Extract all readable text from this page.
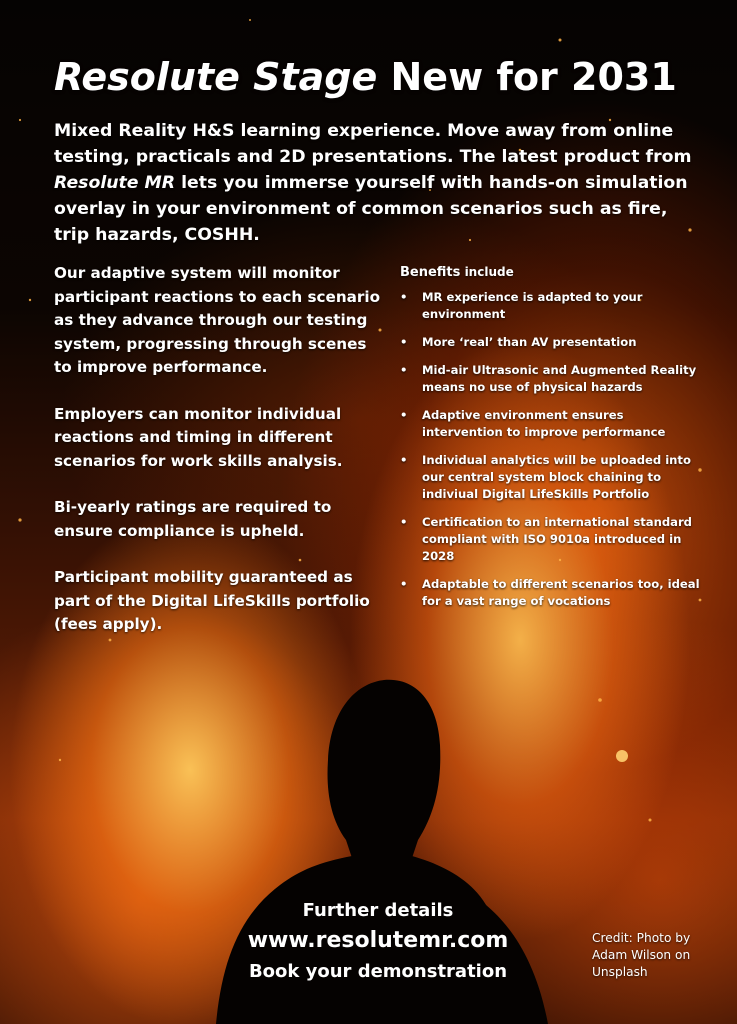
Resolute Stage New for 2031

Mixed Reality H&S learning experience. Move away from online testing, practicals and 2D presentations. The latest product from Resolute MR lets you immerse yourself with hands-on simulation overlay in your environment of common scenarios such as fire, trip hazards, COSHH.

Our adaptive system will monitor participant reactions to each scenario as they advance through our testing system, progressing through scenes to improve performance.

Employers can monitor individual reactions and timing in different scenarios for work skills analysis.

Bi-yearly ratings are required to ensure compliance is upheld.

Participant mobility guaranteed as part of the Digital LifeSkills portfolio (fees apply).

Benefits include
• MR experience is adapted to your environment
• More ‘real’ than AV presentation
• Mid-air Ultrasonic and Augmented Reality means no use of physical hazards
• Adaptive environment ensures intervention to improve performance
• Individual analytics will be uploaded into our central system block chaining to indiviual Digital LifeSkills Portfolio
• Certification to an international standard compliant with ISO 9010a introduced in 2028
• Adaptable to different scenarios too, ideal for a vast range of vocations
Further details
www.resolutemr.com
Book your demonstration
Credit: Photo by
Adam Wilson on
Unsplash
